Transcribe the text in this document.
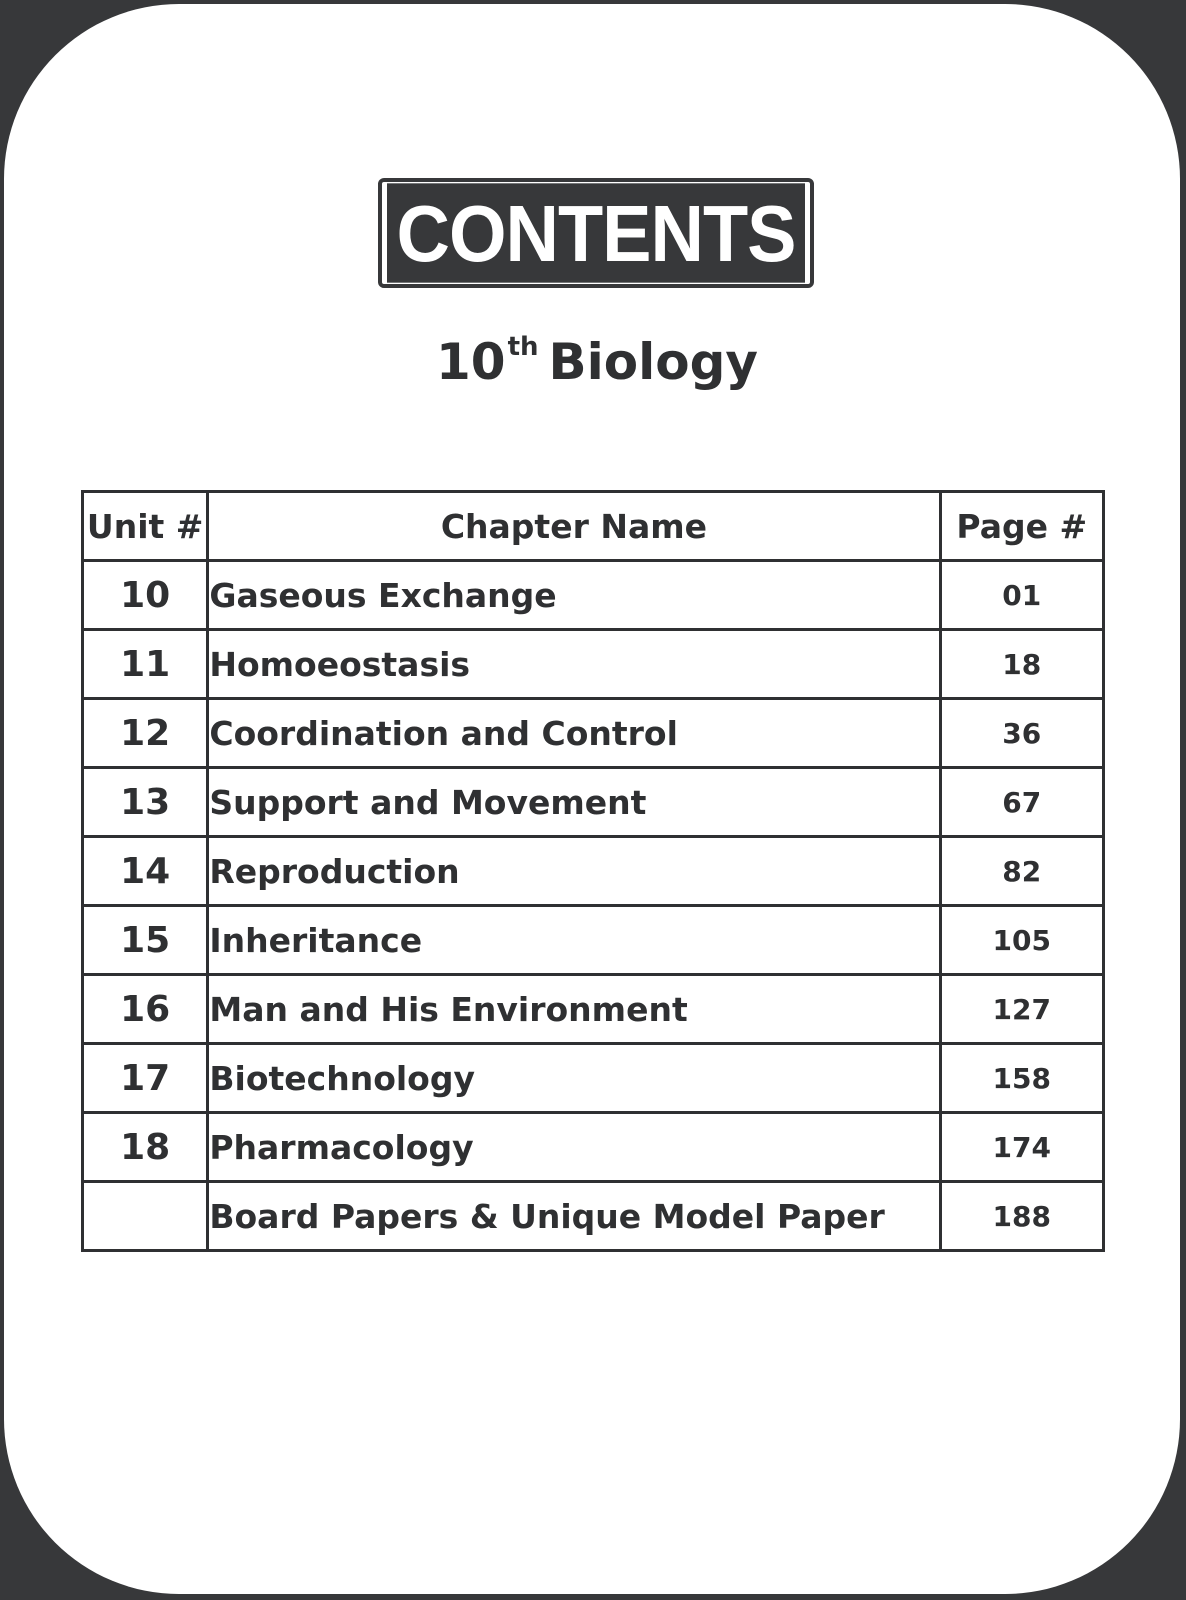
CONTENTS
10th Biology
Unit #	Chapter Name	Page #
10	Gaseous Exchange	01
11	Homoeostasis	18
12	Coordination and Control	36
13	Support and Movement	67
14	Reproduction	82
15	Inheritance	105
16	Man and His Environment	127
17	Biotechnology	158
18	Pharmacology	174
	Board Papers & Unique Model Paper	188
